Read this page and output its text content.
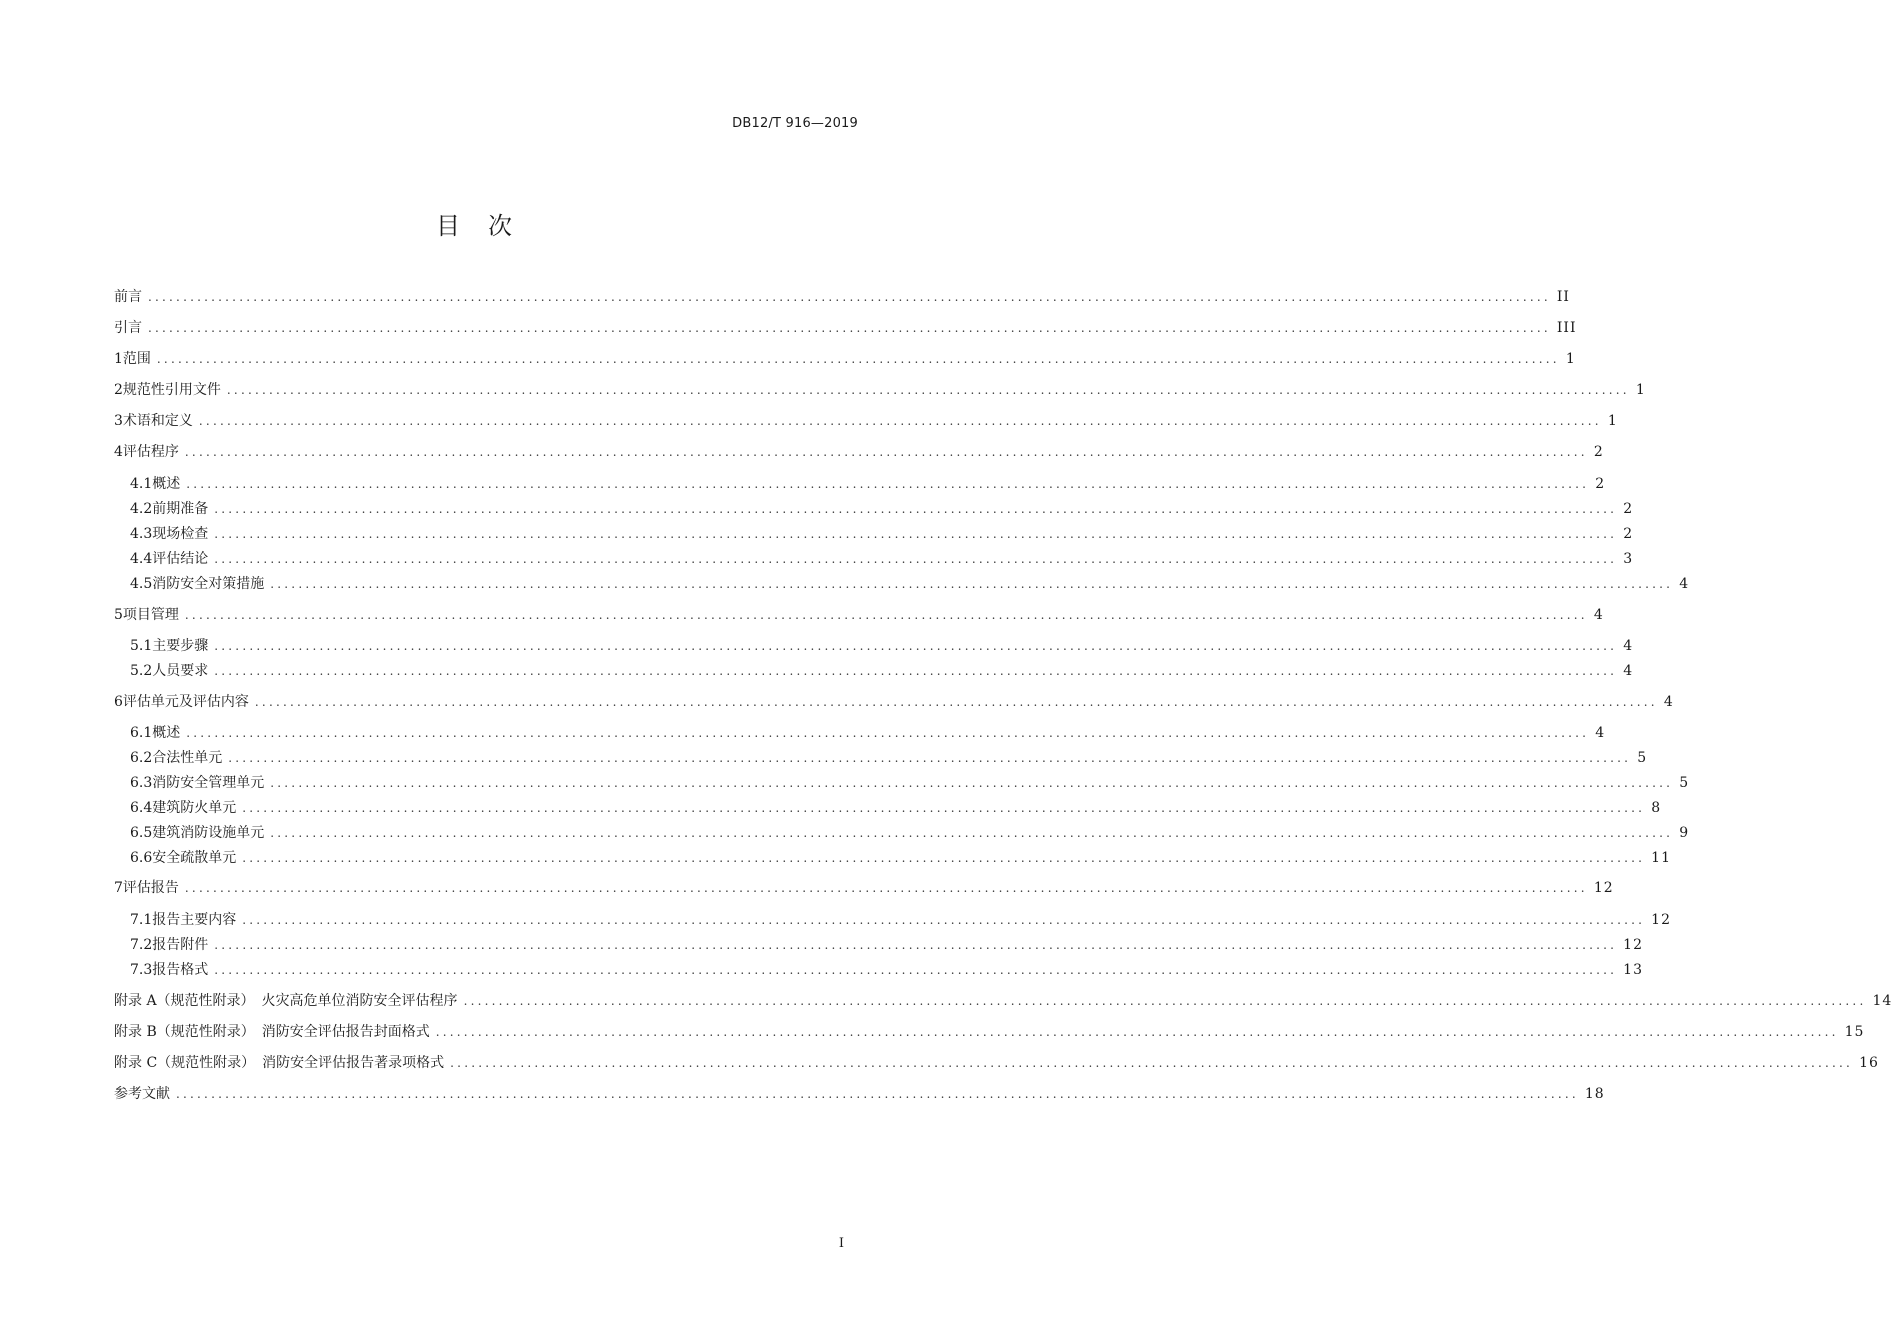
DB12/T 916—2019
目　次
前言 ........................................................................................................................................................................................................ II
引言 ........................................................................................................................................................................................................ III
1 范围 ........................................................................................................................................................................................................ 1
2 规范性引用文件 ........................................................................................................................................................................................................ 1
3 术语和定义 ........................................................................................................................................................................................................ 1
4 评估程序 ........................................................................................................................................................................................................ 2
4.1 概述 ........................................................................................................................................................................................................ 2
4.2 前期准备 ........................................................................................................................................................................................................ 2
4.3 现场检查 ........................................................................................................................................................................................................ 2
4.4 评估结论 ........................................................................................................................................................................................................ 3
4.5 消防安全对策措施 ........................................................................................................................................................................................................ 4
5 项目管理 ........................................................................................................................................................................................................ 4
5.1 主要步骤 ........................................................................................................................................................................................................ 4
5.2 人员要求 ........................................................................................................................................................................................................ 4
6 评估单元及评估内容 ........................................................................................................................................................................................................ 4
6.1 概述 ........................................................................................................................................................................................................ 4
6.2 合法性单元 ........................................................................................................................................................................................................ 5
6.3 消防安全管理单元 ........................................................................................................................................................................................................ 5
6.4 建筑防火单元 ........................................................................................................................................................................................................ 8
6.5 建筑消防设施单元 ........................................................................................................................................................................................................ 9
6.6 安全疏散单元 ........................................................................................................................................................................................................ 11
7 评估报告 ........................................................................................................................................................................................................ 12
7.1 报告主要内容 ........................................................................................................................................................................................................ 12
7.2 报告附件 ........................................................................................................................................................................................................ 12
7.3 报告格式 ........................................................................................................................................................................................................ 13
附录 A（规范性附录）　火灾高危单位消防安全评估程序 ........................................................................................................................................................................................................ 14
附录 B（规范性附录）　消防安全评估报告封面格式 ........................................................................................................................................................................................................ 15
附录 C（规范性附录）　消防安全评估报告著录项格式 ........................................................................................................................................................................................................ 16
参考文献 ........................................................................................................................................................................................................ 18
I
